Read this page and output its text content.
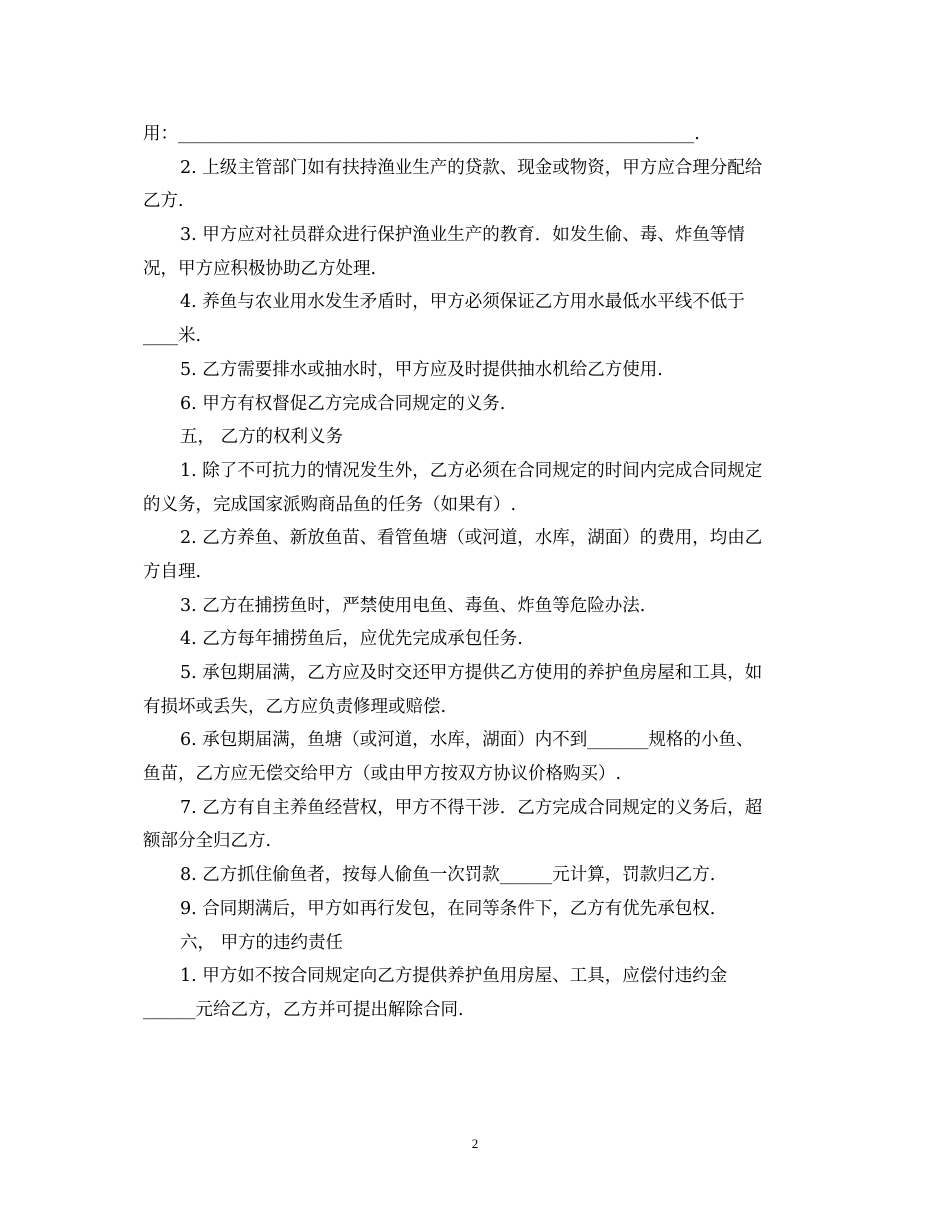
用：___________________________________________________________.
2. 上级主管部门如有扶持渔业生产的贷款、现金或物资，甲方应合理分配给
乙方.
3. 甲方应对社员群众进行保护渔业生产的教育．如发生偷、毒、炸鱼等情
况，甲方应积极协助乙方处理.
4. 养鱼与农业用水发生矛盾时，甲方必须保证乙方用水最低水平线不低于
____米.
5. 乙方需要排水或抽水时，甲方应及时提供抽水机给乙方使用.
6. 甲方有权督促乙方完成合同规定的义务.
五， 乙方的权利义务
1. 除了不可抗力的情况发生外，乙方必须在合同规定的时间内完成合同规定
的义务，完成国家派购商品鱼的任务（如果有）.
2. 乙方养鱼、新放鱼苗、看管鱼塘（或河道，水库，湖面）的费用，均由乙
方自理.
3. 乙方在捕捞鱼时，严禁使用电鱼、毒鱼、炸鱼等危险办法.
4. 乙方每年捕捞鱼后，应优先完成承包任务.
5. 承包期届满，乙方应及时交还甲方提供乙方使用的养护鱼房屋和工具，如
有损坏或丢失，乙方应负责修理或赔偿.
6. 承包期届满，鱼塘（或河道，水库，湖面）内不到_______规格的小鱼、
鱼苗，乙方应无偿交给甲方（或由甲方按双方协议价格购买）.
7. 乙方有自主养鱼经营权，甲方不得干涉．乙方完成合同规定的义务后，超
额部分全归乙方.
8. 乙方抓住偷鱼者，按每人偷鱼一次罚款______元计算，罚款归乙方.
9. 合同期满后，甲方如再行发包，在同等条件下，乙方有优先承包权.
六， 甲方的违约责任
1. 甲方如不按合同规定向乙方提供养护鱼用房屋、工具，应偿付违约金
______元给乙方，乙方并可提出解除合同.
2
